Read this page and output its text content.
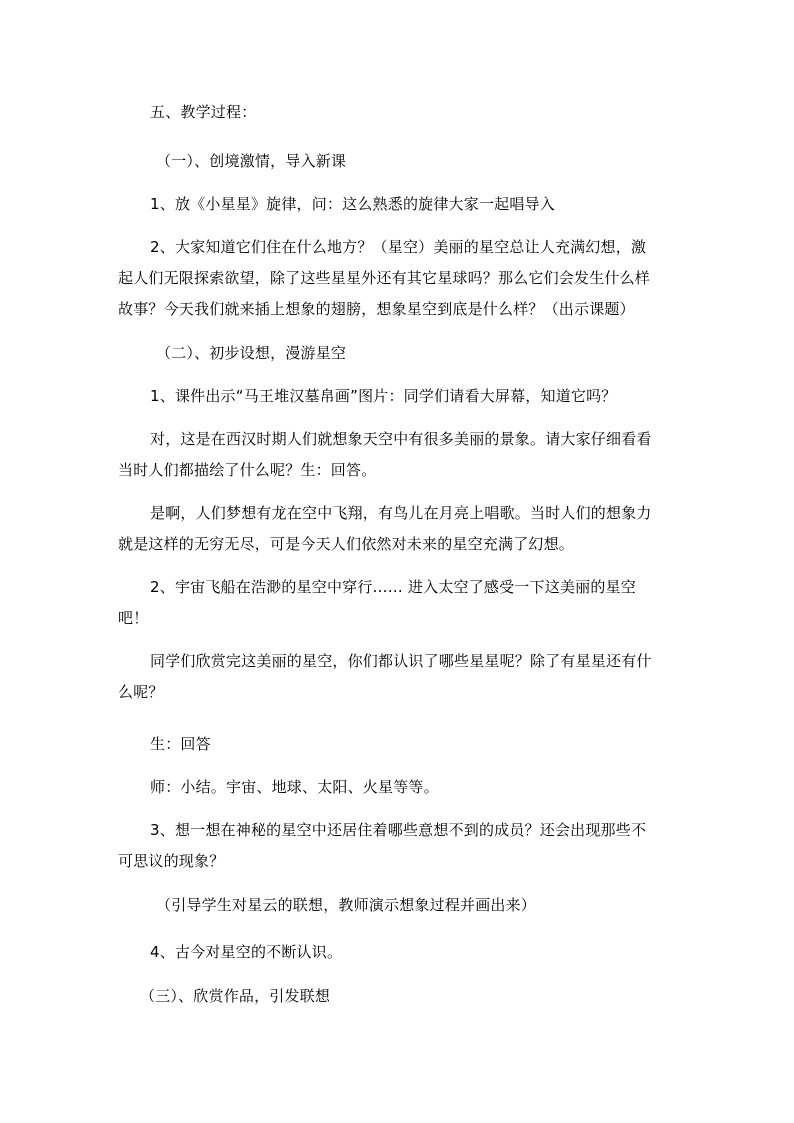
五、教学过程：
（一）、创境激情，导入新课
1、放《小星星》旋律，问：这么熟悉的旋律大家一起唱导入
2、大家知道它们住在什么地方？（星空）美丽的星空总让人充满幻想，激
起人们无限探索欲望，除了这些星星外还有其它星球吗？那么它们会发生什么样
故事？今天我们就来插上想象的翅膀，想象星空到底是什么样？（出示课题）
（二）、初步设想，漫游星空
1、课件出示“马王堆汉墓帛画”图片：同学们请看大屏幕，知道它吗？
对，这是在西汉时期人们就想象天空中有很多美丽的景象。请大家仔细看看
当时人们都描绘了什么呢？生：回答。
是啊，人们梦想有龙在空中飞翔，有鸟儿在月亮上唱歌。当时人们的想象力
就是这样的无穷无尽，可是今天人们依然对未来的星空充满了幻想。
2、宇宙飞船在浩渺的星空中穿行…… 进入太空了感受一下这美丽的星空
吧！
同学们欣赏完这美丽的星空，你们都认识了哪些星星呢？除了有星星还有什
么呢？
生：回答
师：小结。宇宙、地球、太阳、火星等等。
3、想一想在神秘的星空中还居住着哪些意想不到的成员？还会出现那些不
可思议的现象？
（引导学生对星云的联想，教师演示想象过程并画出来）
4、古今对星空的不断认识。
（三）、欣赏作品，引发联想
